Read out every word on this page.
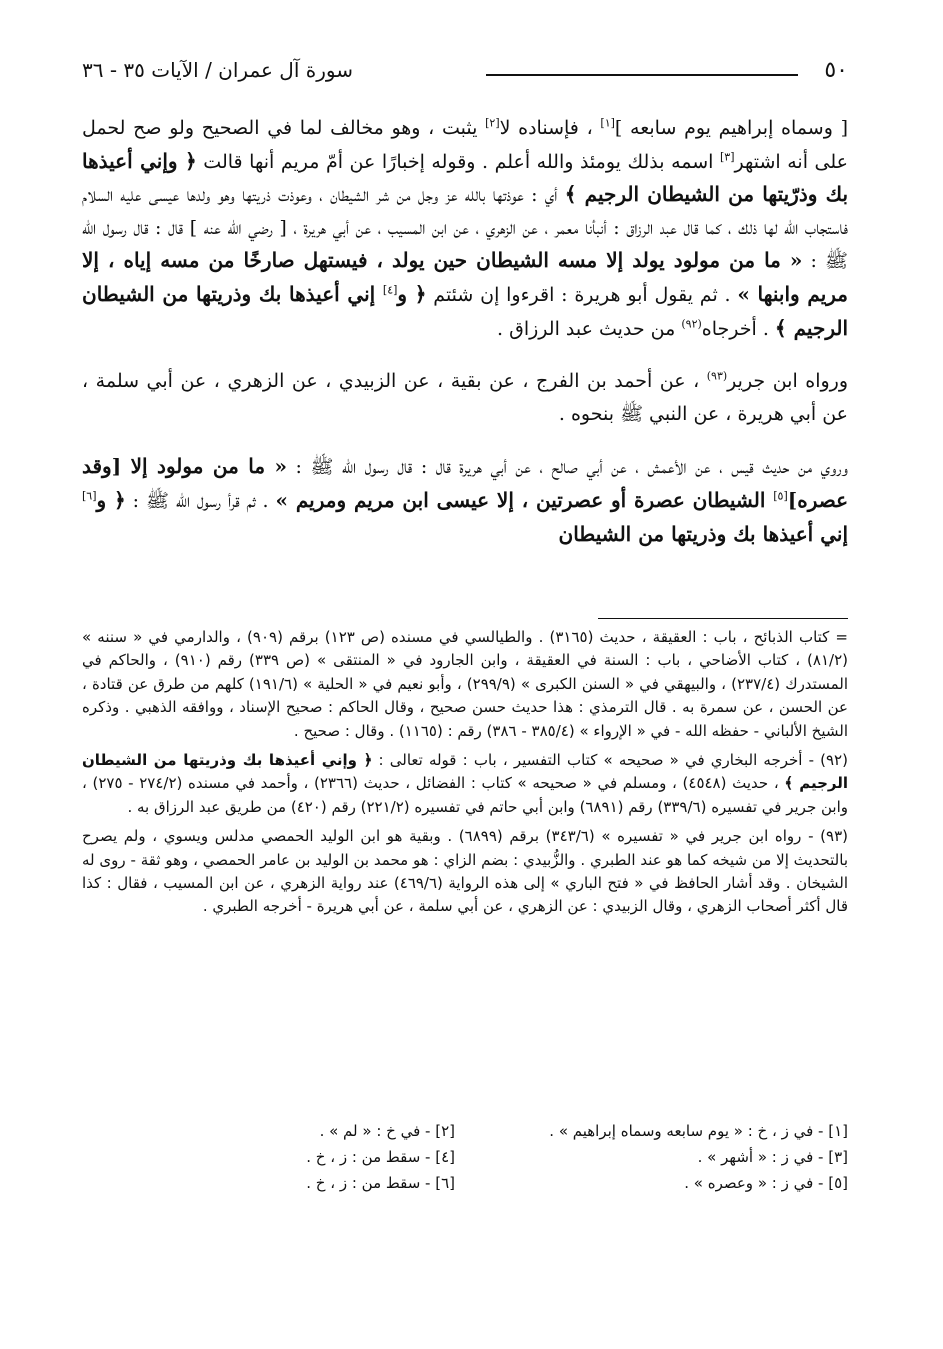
٥٠
سورة آل عمران / الآيات ٣٥ - ٣٦

[ وسماه إبراهيم يوم سابعه ][١] ، فإسناده لا[٢] يثبت ، وهو مخالف لما في الصحيح ولو صح لحمل على أنه اشتهر[٣] اسمه بذلك يومئذ والله أعلم . وقوله إخبارًا عن أمّ مريم أنها قالت ﴿ وإني أعيذها بك وذرّيتها من الشيطان الرجيم ﴾ أي : عوذتها بالله عز وجل من شر الشيطان ، وعوذت ذريتها وهو ولدها عيسى عليه السلام فاستجاب الله لها ذلك ، كما قال عبد الرزاق : أنبأنا معمر ، عن الزهري ، عن ابن المسيب ، عن أبي هريرة ، [ رضي الله عنه ] قال : قال رسول الله ﷺ : « ما من مولود يولد إلا مسه الشيطان حين يولد ، فيستهل صارخًا من مسه إياه ، إلا مريم وابنها » . ثم يقول أبو هريرة : اقرءوا إن شئتم ﴿ و[٤] إني أعيذها بك وذريتها من الشيطان الرجيم ﴾ . أخرجاه$^{(٩٢)}$ من حديث عبد الرزاق .

ورواه ابن جرير$^{(٩٣)}$ ، عن أحمد بن الفرج ، عن بقية ، عن الزبيدي ، عن الزهري ، عن أبي سلمة ، عن أبي هريرة ، عن النبي ﷺ بنحوه .

وروي من حديث قيس ، عن الأعمش ، عن أبي صالح ، عن أبي هريرة قال : قال رسول الله ﷺ : « ما من مولود إلا [وقد عصره][٥] الشيطان عصرة أو عصرتين ، إلا عيسى ابن مريم ومريم » . ثم قرأ رسول الله ﷺ : ﴿ و[٦] إني أعيذها بك وذريتها من الشيطان

= كتاب الذبائح ، باب : العقيقة ، حديث (٣١٦٥) . والطيالسي في مسنده (ص ١٢٣) برقم (٩٠٩) ، والدارمي في « سننه » (٨١/٢) ، كتاب الأضاحي ، باب : السنة في العقيقة ، وابن الجارود في « المنتقى » (ص ٣٣٩) رقم (٩١٠) ، والحاكم في المستدرك (٢٣٧/٤) ، والبيهقي في « السنن الكبرى » (٢٩٩/٩) ، وأبو نعيم في « الحلية » (١٩١/٦) كلهم من طرق عن قتادة ، عن الحسن ، عن سمرة به . قال الترمذي : هذا حديث حسن صحيح ، وقال الحاكم : صحيح الإسناد ، ووافقه الذهبي . وذكره الشيخ الألباني - حفظه الله - في « الإرواء » (٣٨٥/٤ - ٣٨٦) رقم : (١١٦٥) . وقال : صحيح .

(٩٢) - أخرجه البخاري في « صحيحه » كتاب التفسير ، باب : قوله تعالى : ﴿ وإني أعيذها بك وذريتها من الشيطان الرجيم ﴾ ، حديث (٤٥٤٨) ، ومسلم في « صحيحه » كتاب : الفضائل ، حديث (٢٣٦٦) ، وأحمد في مسنده (٢٧٤/٢ - ٢٧٥) ، وابن جرير في تفسيره (٣٣٩/٦) رقم (٦٨٩١) وابن أبي حاتم في تفسيره (٢٢١/٢) رقم (٤٢٠) من طريق عبد الرزاق به .

(٩٣) - رواه ابن جرير في « تفسيره » (٣٤٣/٦) برقم (٦٨٩٩) . وبقية هو ابن الوليد الحمصي مدلس ويسوي ، ولم يصرح بالتحديث إلا من شيخه كما هو عند الطبري . والزُّبيدي : بضم الزاي : هو محمد بن الوليد بن عامر الحمصي ، وهو ثقة - روى له الشيخان . وقد أشار الحافظ في « فتح الباري » إلى هذه الرواية (٤٦٩/٦) عند رواية الزهري ، عن ابن المسيب ، فقال : كذا قال أكثر أصحاب الزهري ، وقال الزبيدي : عن الزهري ، عن أبي سلمة ، عن أبي هريرة - أخرجه الطبري .

[١] - في ز ، خ : « يوم سابعه وسماه إبراهيم » .
[٢] - في خ : « لم » .
[٣] - في ز : « أشهر » .
[٤] - سقط من : ز ، خ .
[٥] - في ز : « وعصره » .
[٦] - سقط من : ز ، خ .
